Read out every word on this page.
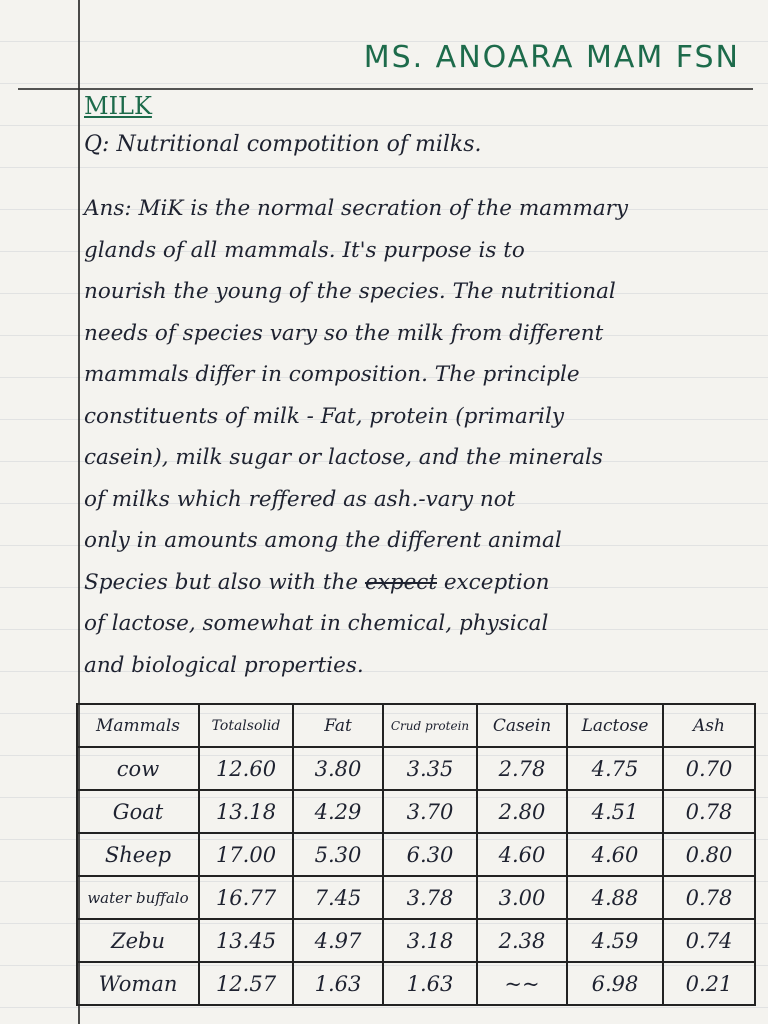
MS. ANOARA MAM FSN
MILK
Q: Nutritional compotition of milks.
Ans: MiK is the normal secration of the mammary
glands of all mammals. It's purpose is to
nourish the young of the species. The nutritional
needs of species vary so the milk from different
mammals differ in composition. The principle
constituents of milk - Fat, protein (primarily
casein), milk sugar or lactose, and the minerals
of milks which reffered as ash.-vary not
only in amounts among the different animal
Species but also with the expect exception
of lactose, somewhat in chemical, physical
and biological properties.
Mammals	Totalsolid	Fat	Crud protein	Casein	Lactose	Ash
cow	12.60	3.80	3.35	2.78	4.75	0.70
Goat	13.18	4.29	3.70	2.80	4.51	0.78
Sheep	17.00	5.30	6.30	4.60	4.60	0.80
water buffalo	16.77	7.45	3.78	3.00	4.88	0.78
Zebu	13.45	4.97	3.18	2.38	4.59	0.74
Woman	12.57	1.63	1.63	~~	6.98	0.21
